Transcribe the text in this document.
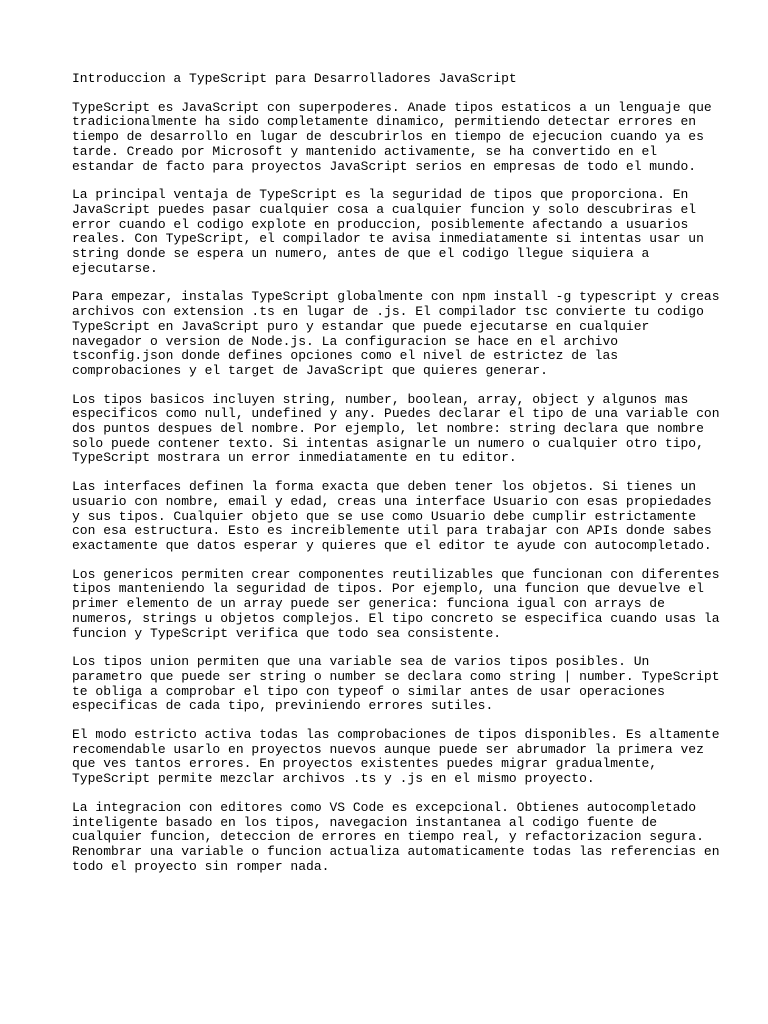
Introduccion a TypeScript para Desarrolladores JavaScript
TypeScript es JavaScript con superpoderes. Anade tipos estaticos a un lenguaje que
tradicionalmente ha sido completamente dinamico, permitiendo detectar errores en
tiempo de desarrollo en lugar de descubrirlos en tiempo de ejecucion cuando ya es
tarde. Creado por Microsoft y mantenido activamente, se ha convertido en el
estandar de facto para proyectos JavaScript serios en empresas de todo el mundo.
La principal ventaja de TypeScript es la seguridad de tipos que proporciona. En
JavaScript puedes pasar cualquier cosa a cualquier funcion y solo descubriras el
error cuando el codigo explote en produccion, posiblemente afectando a usuarios
reales. Con TypeScript, el compilador te avisa inmediatamente si intentas usar un
string donde se espera un numero, antes de que el codigo llegue siquiera a
ejecutarse.
Para empezar, instalas TypeScript globalmente con npm install -g typescript y creas
archivos con extension .ts en lugar de .js. El compilador tsc convierte tu codigo
TypeScript en JavaScript puro y estandar que puede ejecutarse en cualquier
navegador o version de Node.js. La configuracion se hace en el archivo
tsconfig.json donde defines opciones como el nivel de estrictez de las
comprobaciones y el target de JavaScript que quieres generar.
Los tipos basicos incluyen string, number, boolean, array, object y algunos mas
especificos como null, undefined y any. Puedes declarar el tipo de una variable con
dos puntos despues del nombre. Por ejemplo, let nombre: string declara que nombre
solo puede contener texto. Si intentas asignarle un numero o cualquier otro tipo,
TypeScript mostrara un error inmediatamente en tu editor.
Las interfaces definen la forma exacta que deben tener los objetos. Si tienes un
usuario con nombre, email y edad, creas una interface Usuario con esas propiedades
y sus tipos. Cualquier objeto que se use como Usuario debe cumplir estrictamente
con esa estructura. Esto es increiblemente util para trabajar con APIs donde sabes
exactamente que datos esperar y quieres que el editor te ayude con autocompletado.
Los genericos permiten crear componentes reutilizables que funcionan con diferentes
tipos manteniendo la seguridad de tipos. Por ejemplo, una funcion que devuelve el
primer elemento de un array puede ser generica: funciona igual con arrays de
numeros, strings u objetos complejos. El tipo concreto se especifica cuando usas la
funcion y TypeScript verifica que todo sea consistente.
Los tipos union permiten que una variable sea de varios tipos posibles. Un
parametro que puede ser string o number se declara como string | number. TypeScript
te obliga a comprobar el tipo con typeof o similar antes de usar operaciones
especificas de cada tipo, previniendo errores sutiles.
El modo estricto activa todas las comprobaciones de tipos disponibles. Es altamente
recomendable usarlo en proyectos nuevos aunque puede ser abrumador la primera vez
que ves tantos errores. En proyectos existentes puedes migrar gradualmente,
TypeScript permite mezclar archivos .ts y .js en el mismo proyecto.
La integracion con editores como VS Code es excepcional. Obtienes autocompletado
inteligente basado en los tipos, navegacion instantanea al codigo fuente de
cualquier funcion, deteccion de errores en tiempo real, y refactorizacion segura.
Renombrar una variable o funcion actualiza automaticamente todas las referencias en
todo el proyecto sin romper nada.
